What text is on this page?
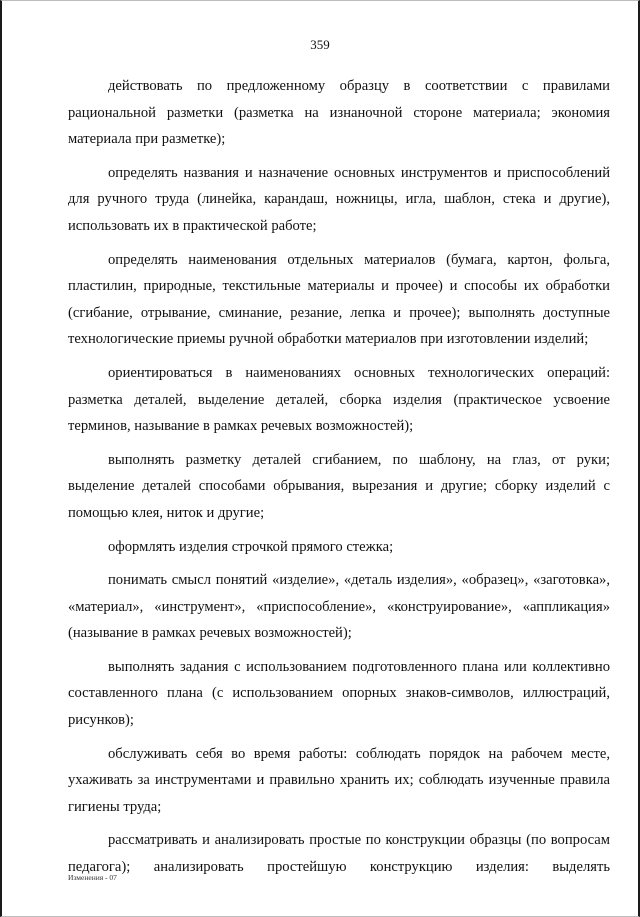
359

действовать по предложенному образцу в соответствии с правилами рациональной разметки (разметка на изнаночной стороне материала; экономия материала при разметке);

определять названия и назначение основных инструментов и приспособлений для ручного труда (линейка, карандаш, ножницы, игла, шаблон, стека и другие), использовать их в практической работе;

определять наименования отдельных материалов (бумага, картон, фольга, пластилин, природные, текстильные материалы и прочее) и способы их обработки (сгибание, отрывание, сминание, резание, лепка и прочее); выполнять доступные технологические приемы ручной обработки материалов при изготовлении изделий;

ориентироваться в наименованиях основных технологических операций: разметка деталей, выделение деталей, сборка изделия (практическое усвоение терминов, называние в рамках речевых возможностей);

выполнять разметку деталей сгибанием, по шаблону, на глаз, от руки; выделение деталей способами обрывания, вырезания и другие; сборку изделий с помощью клея, ниток и другие;

оформлять изделия строчкой прямого стежка;

понимать смысл понятий «изделие», «деталь изделия», «образец», «заготовка», «материал», «инструмент», «приспособление», «конструирование», «аппликация» (называние в рамках речевых возможностей);

выполнять задания с использованием подготовленного плана или коллективно составленного плана (с использованием опорных знаков-символов, иллюстраций, рисунков);

обслуживать себя во время работы: соблюдать порядок на рабочем месте, ухаживать за инструментами и правильно хранить их; соблюдать изученные правила гигиены труда;

рассматривать и анализировать простые по конструкции образцы (по вопросам педагога); анализировать простейшую конструкцию изделия: выделять

Изменения - 07
